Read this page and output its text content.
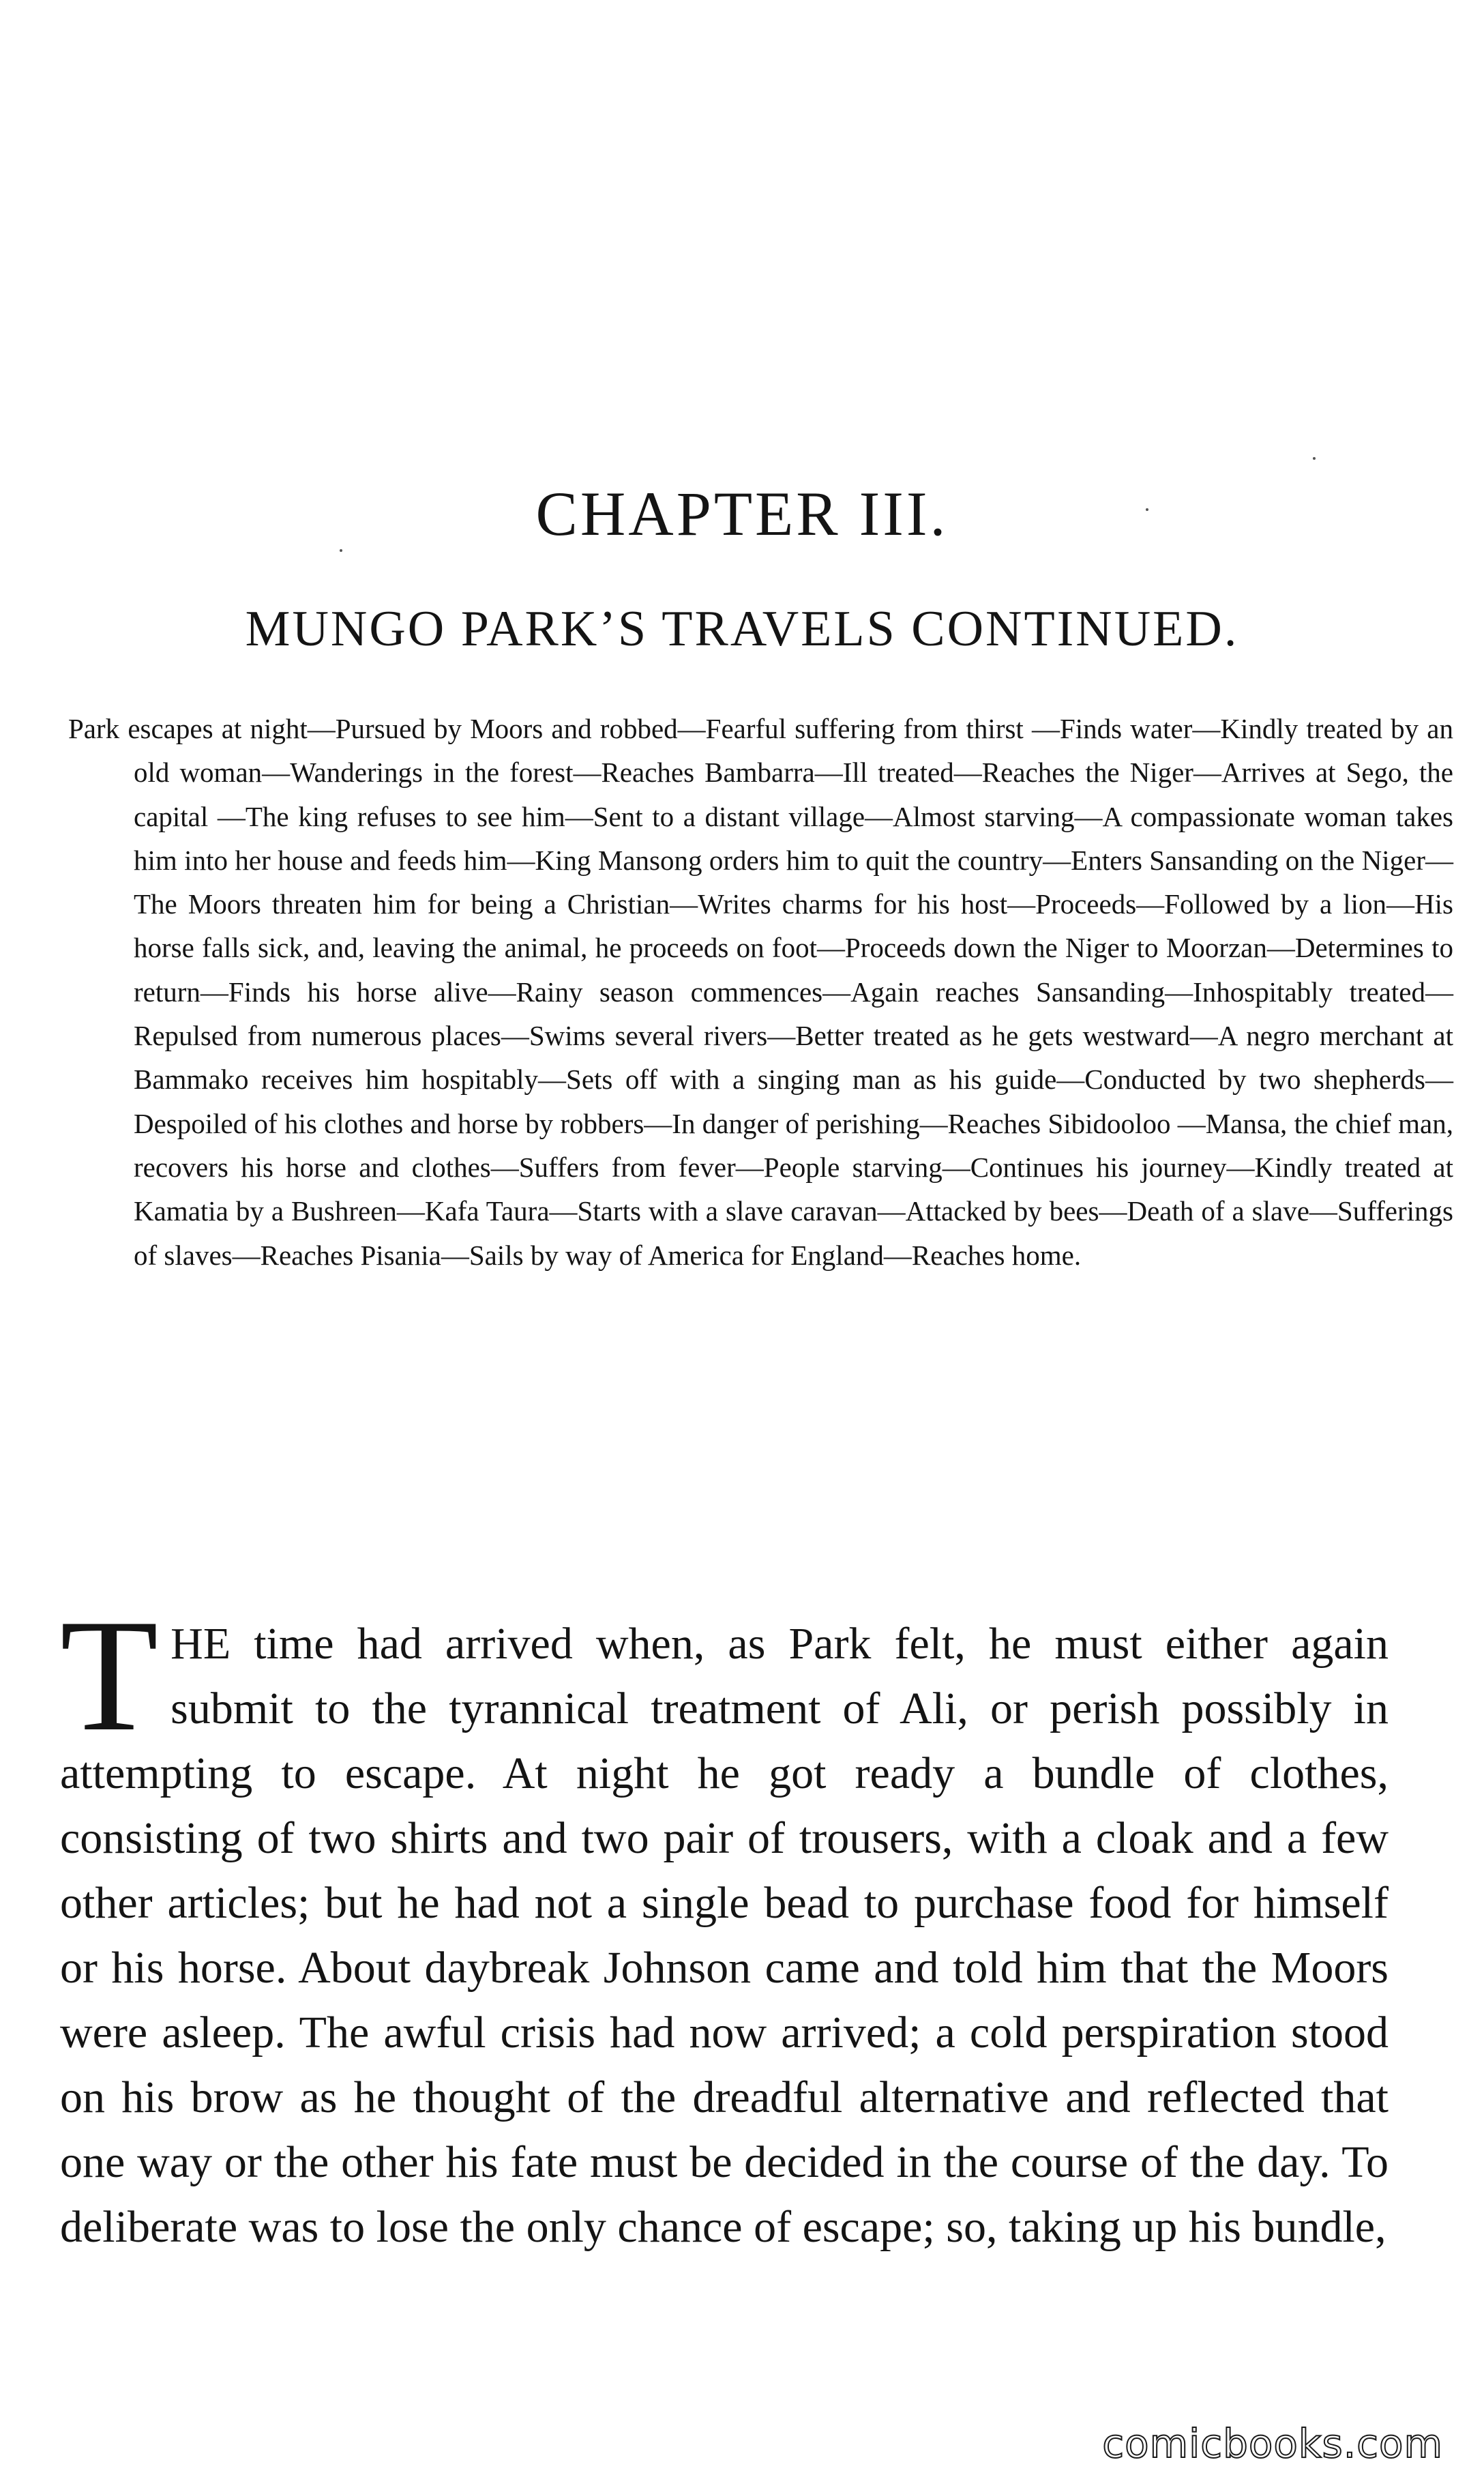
CHAPTER III.
MUNGO PARK’S TRAVELS CONTINUED.

Park escapes at night—Pursued by Moors and robbed—Fearful suffering from thirst —Finds water—Kindly treated by an old woman—Wanderings in the forest—Reaches Bambarra—Ill treated—Reaches the Niger—Arrives at Sego, the capital —The king refuses to see him—Sent to a distant village—Almost starving—A compassionate woman takes him into her house and feeds him—King Mansong orders him to quit the country—Enters Sansanding on the Niger—The Moors threaten him for being a Christian—Writes charms for his host—Proceeds—Followed by a lion—His horse falls sick, and, leaving the animal, he proceeds on foot—Proceeds down the Niger to Moorzan—Determines to return—Finds his horse alive—Rainy season commences—Again reaches Sansanding—Inhospitably treated—Repulsed from numerous places—Swims several rivers—Better treated as he gets westward—A negro merchant at Bammako receives him hospitably—Sets off with a singing man as his guide—Conducted by two shepherds—Despoiled of his clothes and horse by robbers—In danger of perishing—Reaches Sibidooloo —Mansa, the chief man, recovers his horse and clothes—Suffers from fever—People starving—Continues his journey—Kindly treated at Kamatia by a Bushreen—Kafa Taura—Starts with a slave caravan—Attacked by bees—Death of a slave—Sufferings of slaves—Reaches Pisania—Sails by way of America for England—Reaches home.

T HE time had arrived when, as Park felt, he must either again submit to the tyrannical treatment of Ali, or perish possibly in attempting to escape. At night he got ready a bundle of clothes, consisting of two shirts and two pair of trousers, with a cloak and a few other articles; but he had not a single bead to purchase food for himself or his horse. About daybreak Johnson came and told him that the Moors were asleep. The awful crisis had now arrived; a cold perspiration stood on his brow as he thought of the dreadful alternative and reflected that one way or the other his fate must be decided in the course of the day. To deliberate was to lose the only chance of escape; so, taking up his bundle,
comicbooks.com
